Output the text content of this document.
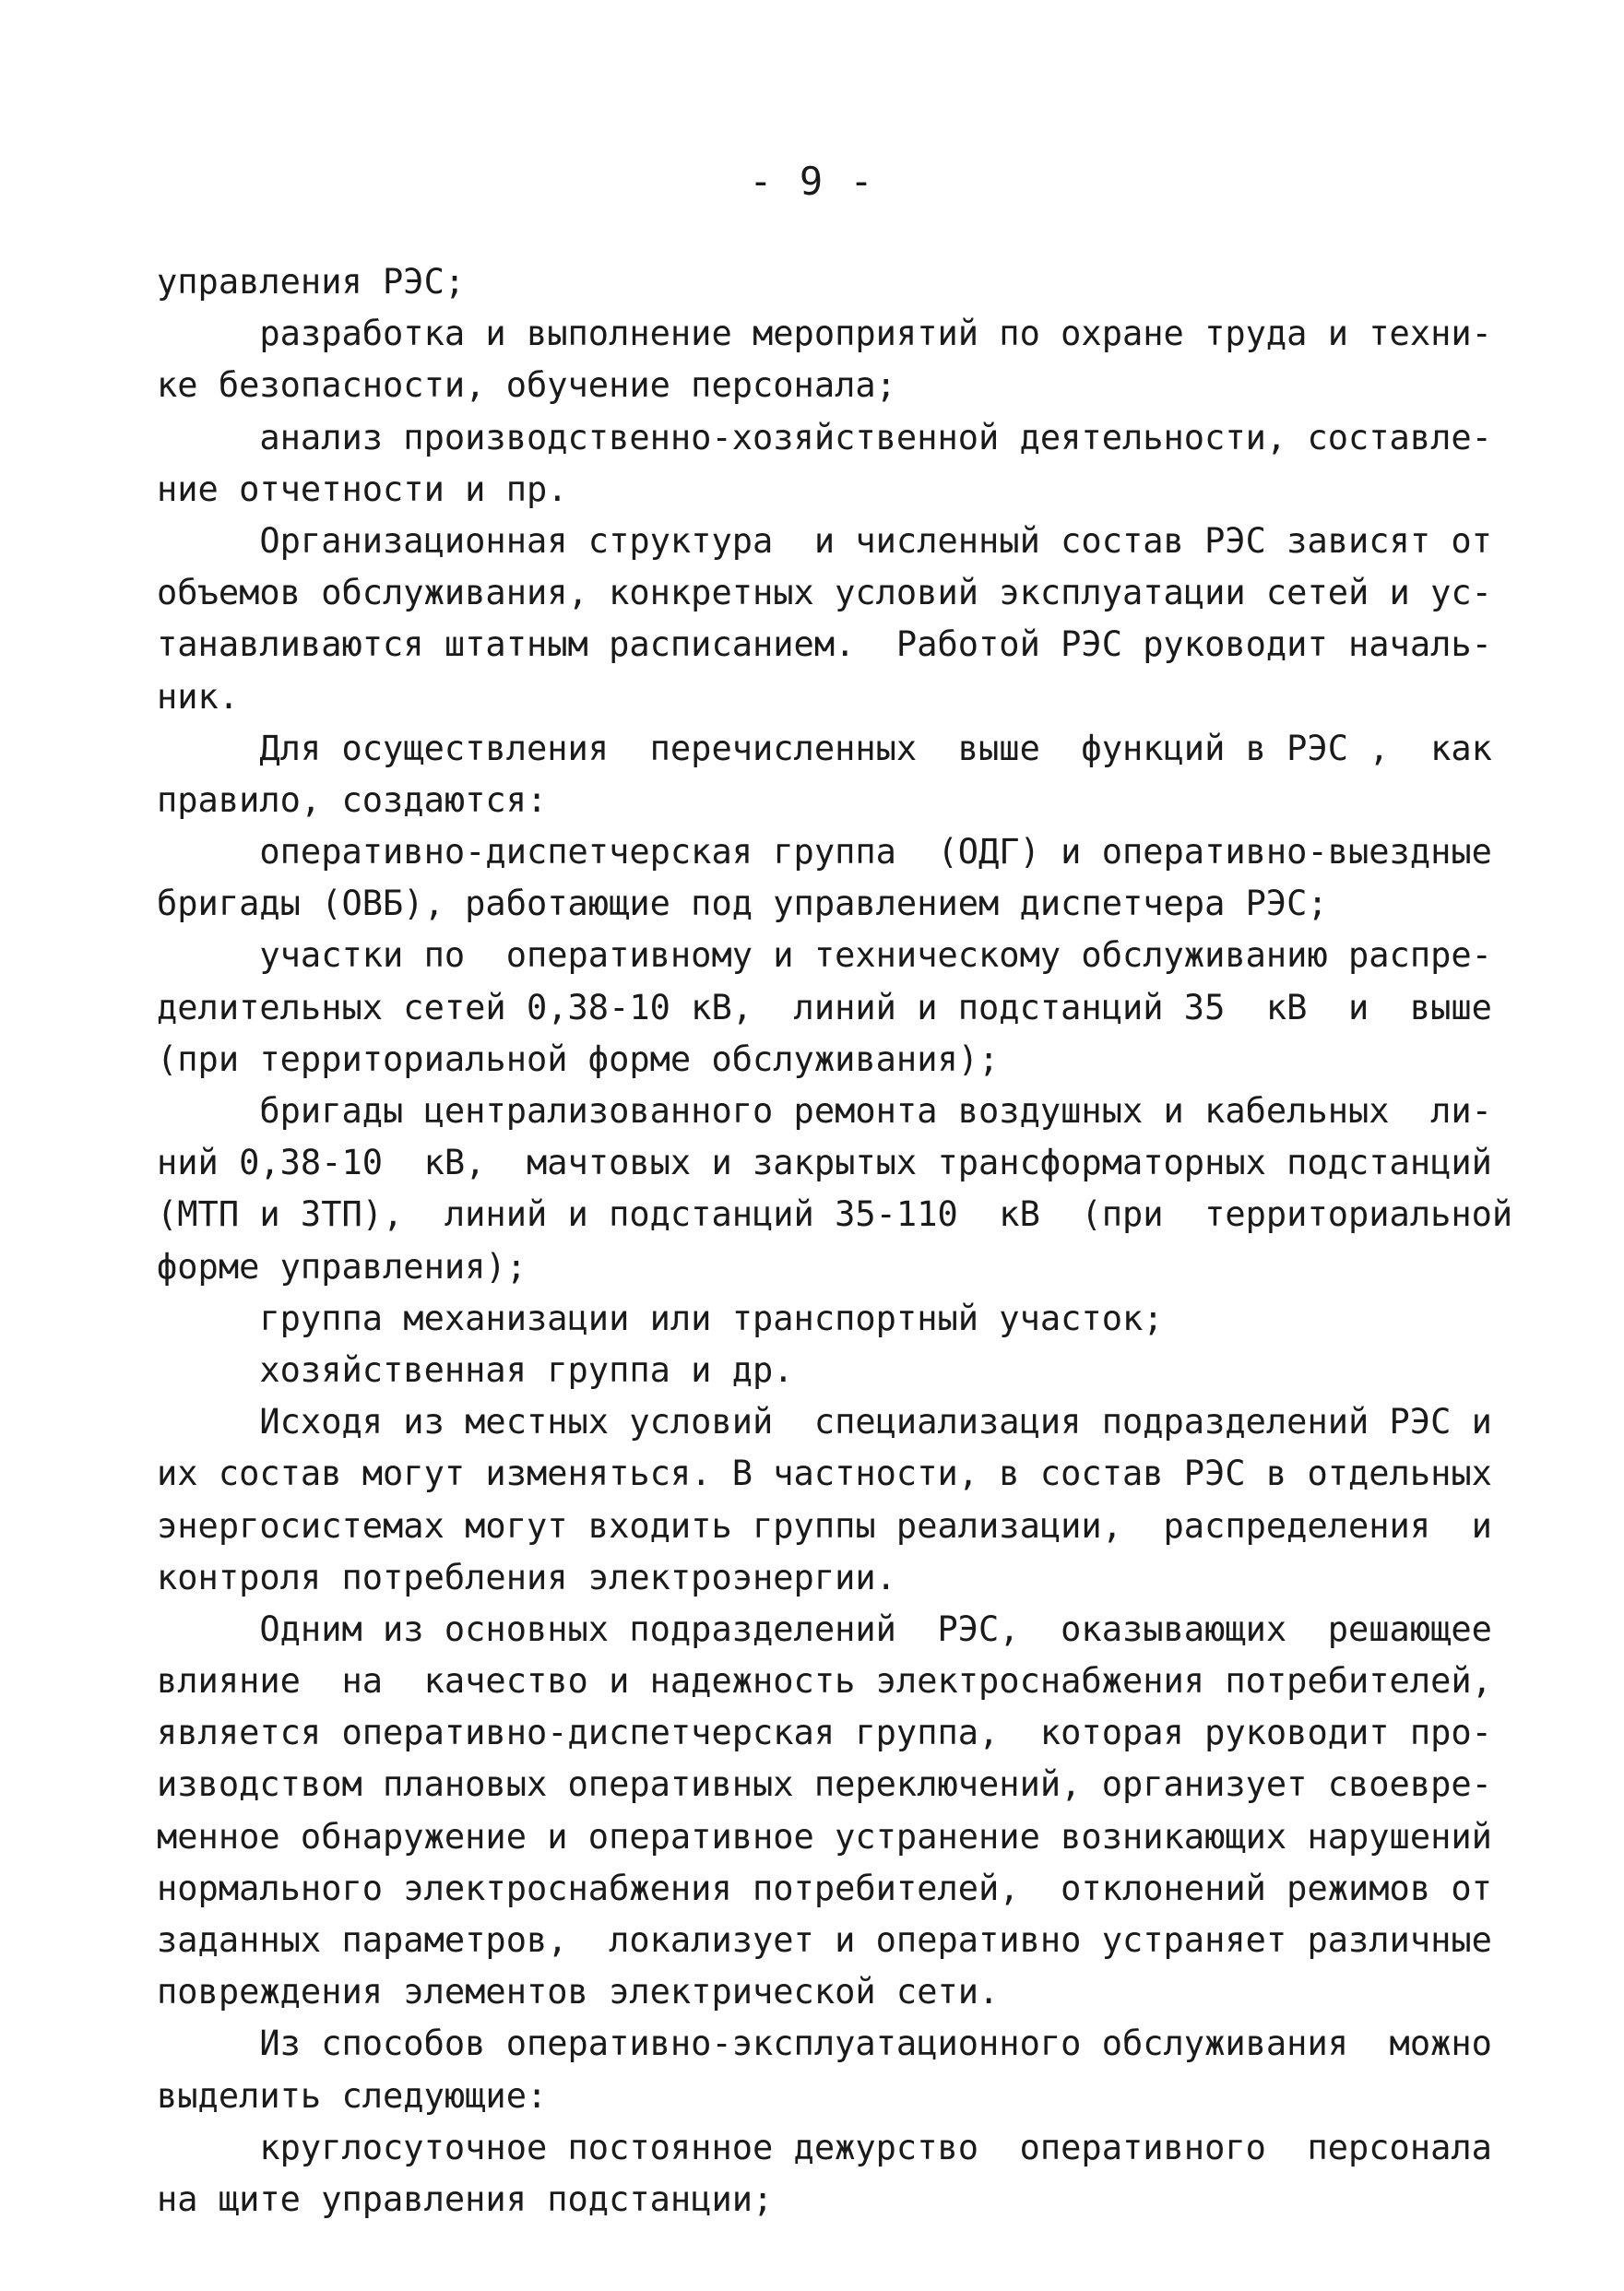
- 9 -
управления РЭС;
разработка и выполнение мероприятий по охране труда и техни-
ке безопасности, обучение персонала;
анализ производственно-хозяйственной деятельности, составле-
ние отчетности и пр.
Организационная структура  и численный состав РЭС зависят от
объемов обслуживания, конкретных условий эксплуатации сетей и ус-
танавливаются штатным расписанием.  Работой РЭС руководит началь-
ник.
Для осуществления  перечисленных  выше  функций в РЭС ,  как
правило, создаются:
оперативно-диспетчерская группа  (ОДГ) и оперативно-выездные
бригады (ОВБ), работающие под управлением диспетчера РЭС;
участки по  оперативному и техническому обслуживанию распре-
делительных сетей 0,38-10 кВ,  линий и подстанций 35  кВ  и  выше
(при территориальной форме обслуживания);
бригады централизованного ремонта воздушных и кабельных  ли-
ний 0,38-10  кВ,  мачтовых и закрытых трансформаторных подстанций
(МТП и ЗТП),  линий и подстанций 35-110  кВ  (при  территориальной
форме управления);
группа механизации или транспортный участок;
хозяйственная группа и др.
Исходя из местных условий  специализация подразделений РЭС и
их состав могут изменяться. В частности, в состав РЭС в отдельных
энергосистемах могут входить группы реализации,  распределения  и
контроля потребления электроэнергии.
Одним из основных подразделений  РЭС,  оказывающих  решающее
влияние  на  качество и надежность электроснабжения потребителей,
является оперативно-диспетчерская группа,  которая руководит про-
изводством плановых оперативных переключений, организует своевре-
менное обнаружение и оперативное устранение возникающих нарушений
нормального электроснабжения потребителей,  отклонений режимов от
заданных параметров,  локализует и оперативно устраняет различные
повреждения элементов электрической сети.
Из способов оперативно-эксплуатационного обслуживания  можно
выделить следующие:
круглосуточное постоянное дежурство  оперативного  персонала
на щите управления подстанции;
